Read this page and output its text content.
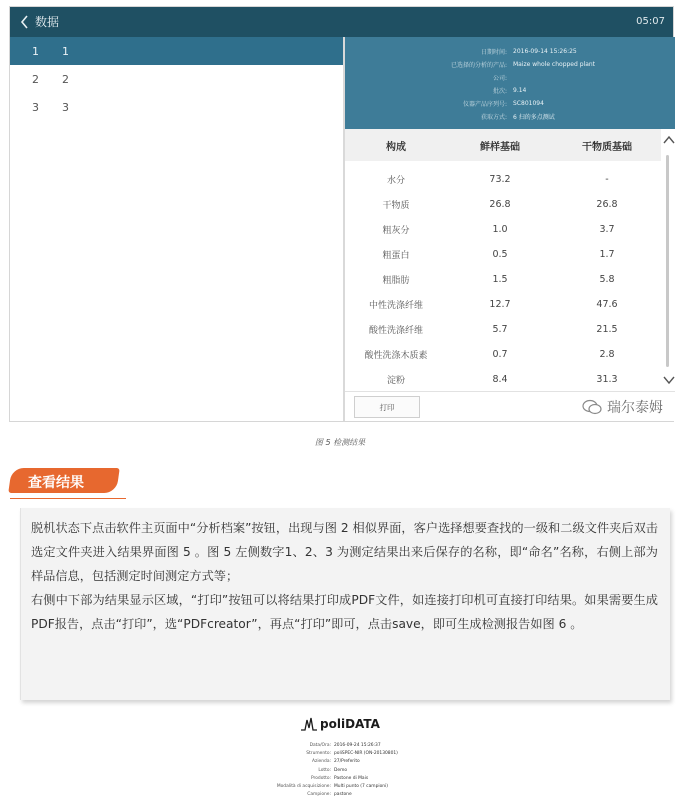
数据	05:07
1	1
2	2
3	3
日期时间:	2016-09-14 15:26:25
已选择的分析的产品:	Maize whole chopped plant
公司:
批次:	9.14
仪器产品序列号:	SC801094
获取方式:	6 扫的多点测试
构成	鲜样基础	干物质基础
水分	73.2	-
干物质	26.8	26.8
粗灰分	1.0	3.7
粗蛋白	0.5	1.7
粗脂肪	1.5	5.8
中性洗涤纤维	12.7	47.6
酸性洗涤纤维	5.7	21.5
酸性洗涤木质素	0.7	2.8
淀粉	8.4	31.3
打印	瑞尔泰姆
图 5 检测结果
查看结果

脱机状态下点击软件主页面中“分析档案”按钮，出现与图 2 相似界面，客户选择想要查找的一级和二级文件夹后双击选定文件夹进入结果界面图 5 。图 5 左侧数字1、2、3 为测定结果出来后保存的名称，即“命名”名称，右侧上部为样品信息，包括测定时间测定方式等；

右侧中下部为结果显示区域，“打印”按钮可以将结果打印成PDF文件，如连接打印机可直接打印结果。如果需要生成PDF报告，点击“打印”，选“PDFcreator”，再点“打印”即可，点击save，即可生成检测报告如图 6 。

poliDATA
Data/Ora: 2016-09-24 15:26:37
Strumento: poliSPEC-NIR (ON-20130801)
Azienda: 27/Preferito
Lotto: Demo
Prodotto: Pastone di Mais
Modalità di acquisizione: Multi punto (7 campioni)
Campione: pastone
